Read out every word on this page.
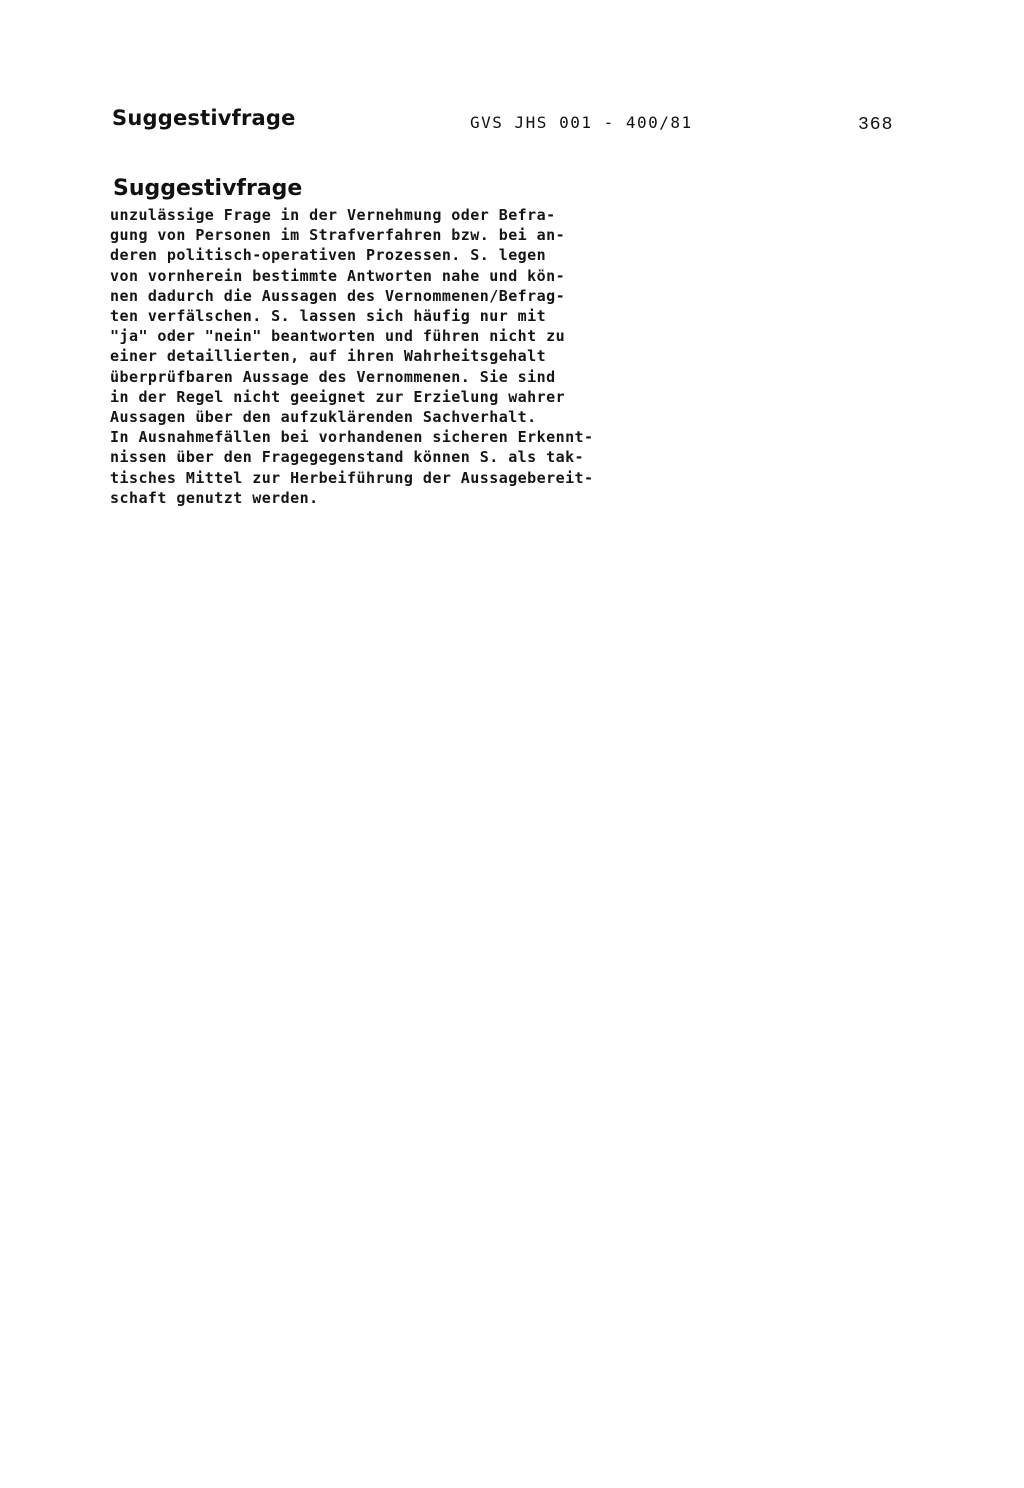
Suggestivfrage	GVS JHS 001 - 400/81	368
Suggestivfrage
unzulässige Frage in der Vernehmung oder Befra-
gung von Personen im Strafverfahren bzw. bei an-
deren politisch-operativen Prozessen. S. legen
von vornherein bestimmte Antworten nahe und kön-
nen dadurch die Aussagen des Vernommenen/Befrag-
ten verfälschen. S. lassen sich häufig nur mit
"ja" oder "nein" beantworten und führen nicht zu
einer detaillierten, auf ihren Wahrheitsgehalt
überprüfbaren Aussage des Vernommenen. Sie sind
in der Regel nicht geeignet zur Erzielung wahrer
Aussagen über den aufzuklärenden Sachverhalt.
In Ausnahmefällen bei vorhandenen sicheren Erkennt-
nissen über den Fragegegenstand können S. als tak-
tisches Mittel zur Herbeiführung der Aussagebereit-
schaft genutzt werden.
